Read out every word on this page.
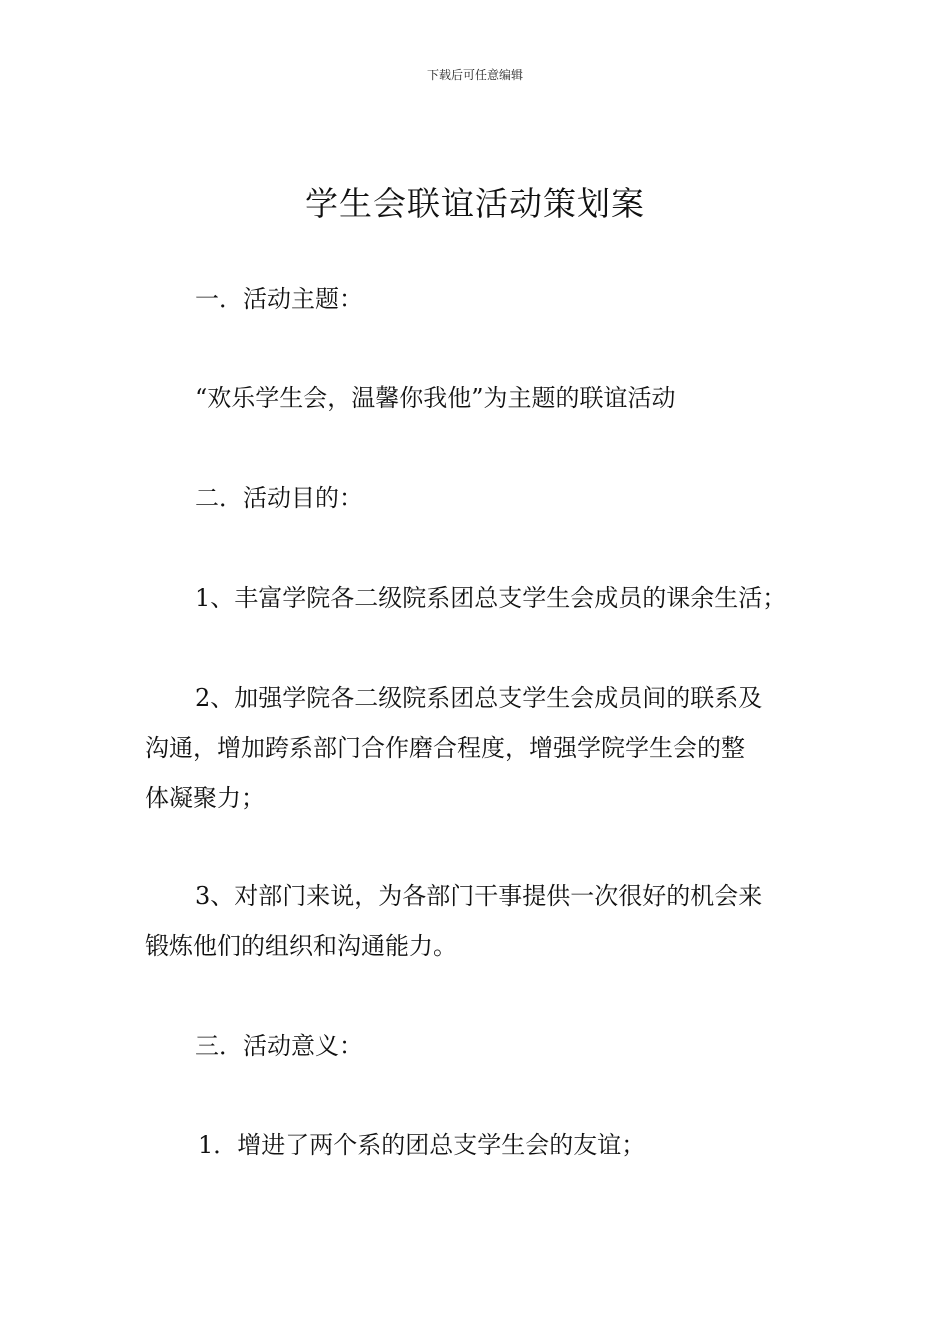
下载后可任意编辑
学生会联谊活动策划案

一．活动主题：

“欢乐学生会，温馨你我他”为主题的联谊活动

二．活动目的：

1、丰富学院各二级院系团总支学生会成员的课余生活；

2、加强学院各二级院系团总支学生会成员间的联系及
沟通，增加跨系部门合作磨合程度，增强学院学生会的整
体凝聚力；
3、对部门来说，为各部门干事提供一次很好的机会来
锻炼他们的组织和沟通能力。

三．活动意义：

1．增进了两个系的团总支学生会的友谊；
